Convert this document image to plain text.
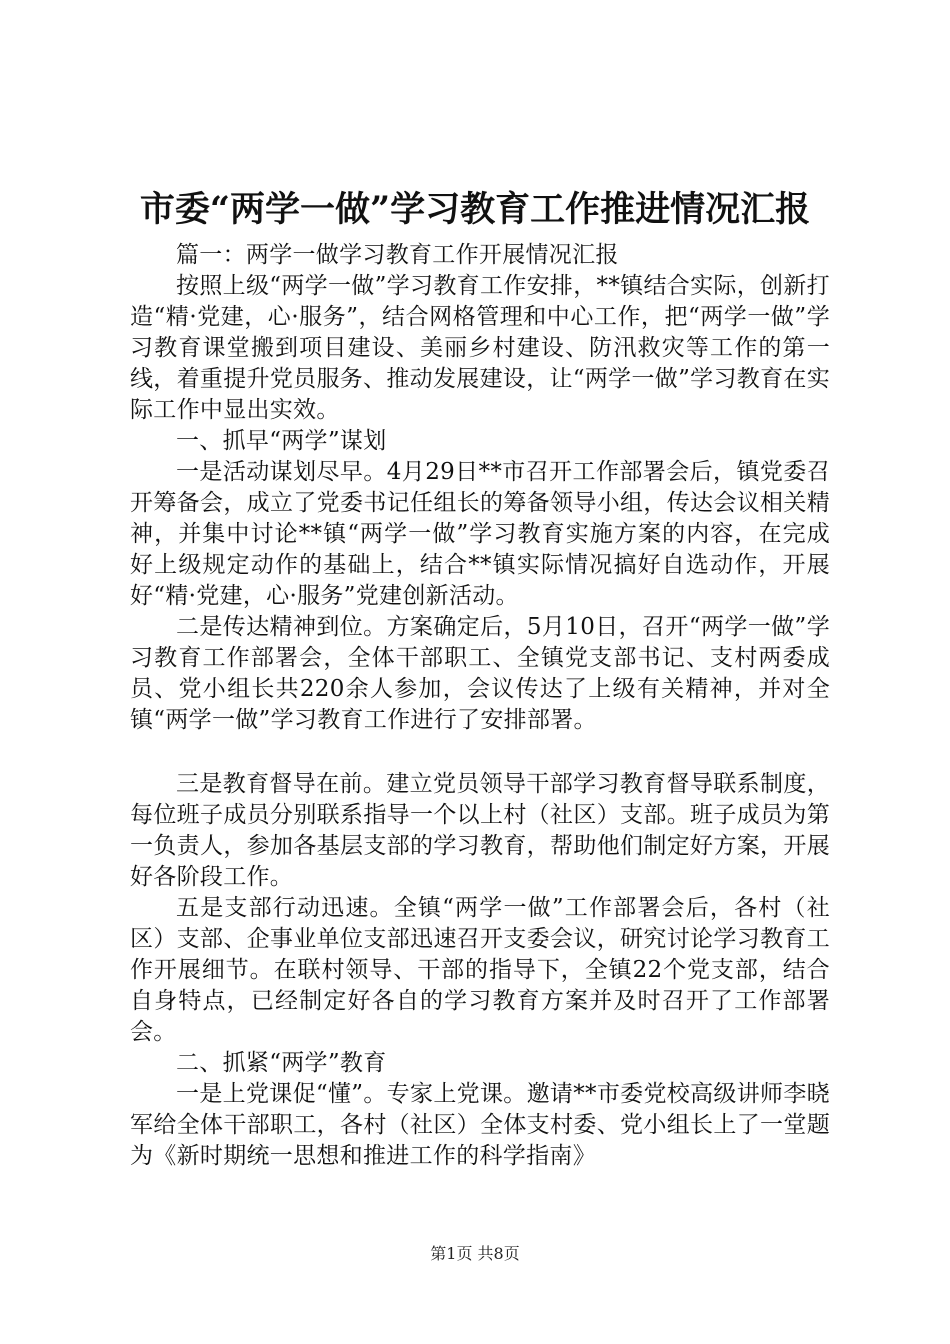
市委“两学一做”学习教育工作推进情况汇报

篇一：两学一做学习教育工作开展情况汇报

按照上级“两学一做”学习教育工作安排，**镇结合实际，创新打造“精·党建，心·服务”，结合网格管理和中心工作，把“两学一做”学习教育课堂搬到项目建设、美丽乡村建设、防汛救灾等工作的第一线，着重提升党员服务、推动发展建设，让“两学一做”学习教育在实际工作中显出实效。

一、抓早“两学”谋划

一是活动谋划尽早。4月29日**市召开工作部署会后，镇党委召开筹备会，成立了党委书记任组长的筹备领导小组，传达会议相关精神，并集中讨论**镇“两学一做”学习教育实施方案的内容，在完成好上级规定动作的基础上，结合**镇实际情况搞好自选动作，开展好“精·党建，心·服务”党建创新活动。

二是传达精神到位。方案确定后，5月10日，召开“两学一做”学习教育工作部署会，全体干部职工、全镇党支部书记、支村两委成员、党小组长共220余人参加，会议传达了上级有关精神，并对全镇“两学一做”学习教育工作进行了安排部署。

三是教育督导在前。建立党员领导干部学习教育督导联系制度，每位班子成员分别联系指导一个以上村（社区）支部。班子成员为第一负责人，参加各基层支部的学习教育，帮助他们制定好方案，开展好各阶段工作。

五是支部行动迅速。全镇“两学一做”工作部署会后，各村（社区）支部、企事业单位支部迅速召开支委会议，研究讨论学习教育工作开展细节。在联村领导、干部的指导下，全镇22个党支部，结合自身特点，已经制定好各自的学习教育方案并及时召开了工作部署会。

二、抓紧“两学”教育

一是上党课促“懂”。专家上党课。邀请**市委党校高级讲师李晓军给全体干部职工，各村（社区）全体支村委、党小组长上了一堂题为《新时期统一思想和推进工作的科学指南》

第1页 共8页
